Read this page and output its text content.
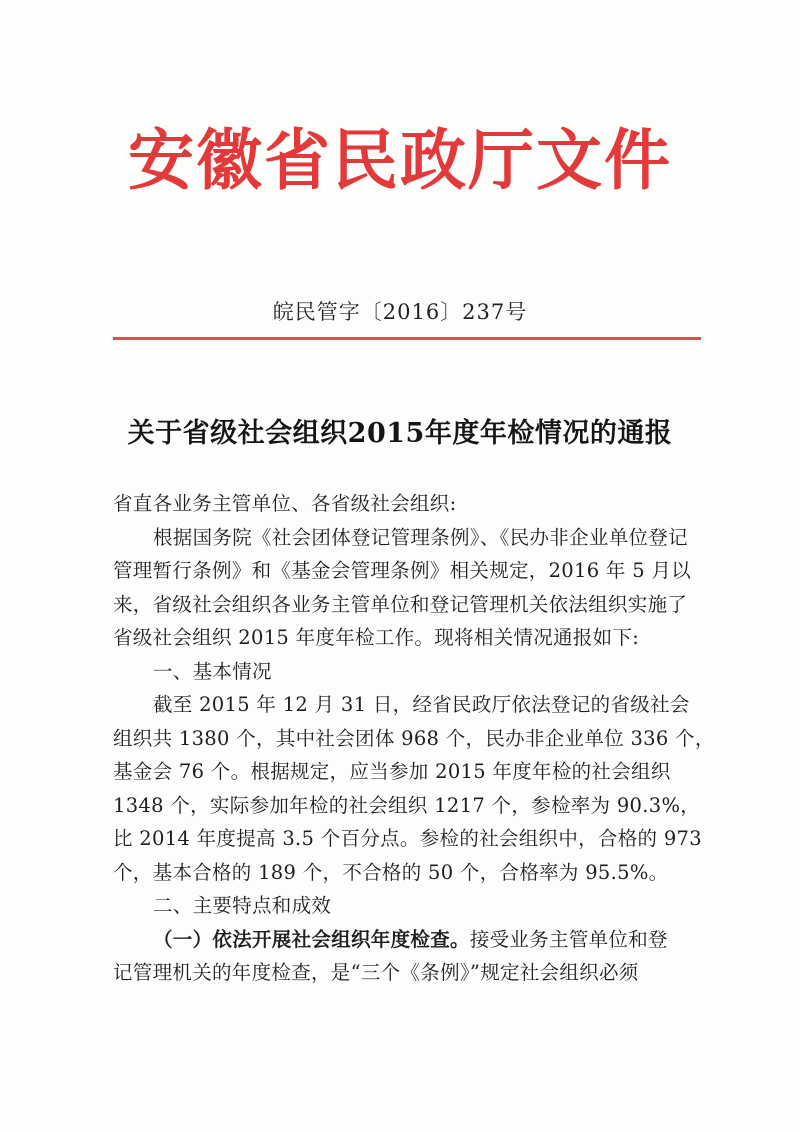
安徽省民政厅文件
皖民管字〔2016〕237号
关于省级社会组织2015年度年检情况的通报
省直各业务主管单位、各省级社会组织:
根据国务院《社会团体登记管理条例》、《民办非企业单位登记
管理暂行条例》和《基金会管理条例》相关规定，2016 年 5 月以
来，省级社会组织各业务主管单位和登记管理机关依法组织实施了
省级社会组织 2015 年度年检工作。现将相关情况通报如下:
一、基本情况
截至 2015 年 12 月 31 日，经省民政厅依法登记的省级社会
组织共 1380 个，其中社会团体 968 个，民办非企业单位 336 个，
基金会 76 个。根据规定，应当参加 2015 年度年检的社会组织
1348 个，实际参加年检的社会组织 1217 个，参检率为 90.3%，
比 2014 年度提高 3.5 个百分点。参检的社会组织中，合格的 973
个，基本合格的 189 个，不合格的 50 个，合格率为 95.5%。
二、主要特点和成效
（一）依法开展社会组织年度检查。接受业务主管单位和登
记管理机关的年度检查，是“三个《条例》”规定社会组织必须
